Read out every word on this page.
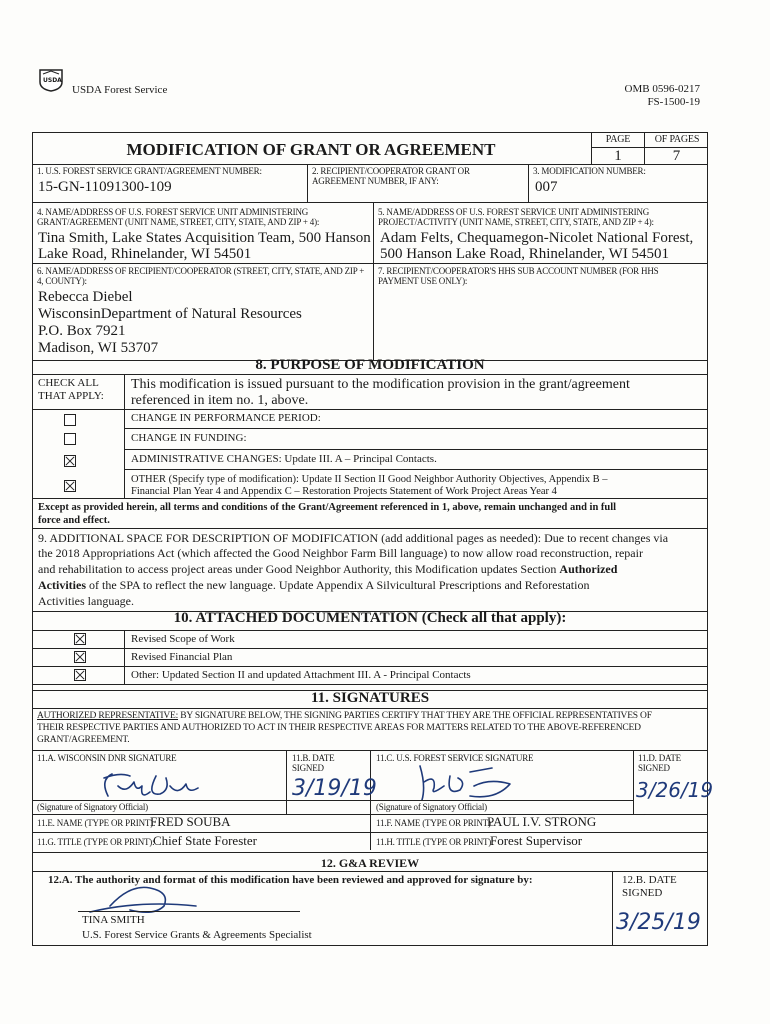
USDA
USDA Forest Service	OMB 0596-0217
FS-1500-19
MODIFICATION OF GRANT OR AGREEMENT
PAGE	OF PAGES
1	7
1. U.S. FOREST SERVICE GRANT/AGREEMENT NUMBER:
15-GN-11091300-109
2. RECIPIENT/COOPERATOR GRANT OR
AGREEMENT NUMBER, IF ANY:
3. MODIFICATION NUMBER:
007
4. NAME/ADDRESS OF U.S. FOREST SERVICE UNIT ADMINISTERING
GRANT/AGREEMENT (UNIT NAME, STREET, CITY, STATE, AND ZIP + 4):
Tina Smith, Lake States Acquisition Team, 500 Hanson
Lake Road, Rhinelander, WI 54501
5. NAME/ADDRESS OF U.S. FOREST SERVICE UNIT ADMINISTERING
PROJECT/ACTIVITY (UNIT NAME, STREET, CITY, STATE, AND ZIP + 4):
Adam Felts, Chequamegon-Nicolet National Forest,
500 Hanson Lake Road, Rhinelander, WI 54501
6. NAME/ADDRESS OF RECIPIENT/COOPERATOR (STREET, CITY, STATE, AND ZIP +
4, COUNTY):
Rebecca Diebel
WisconsinDepartment of Natural Resources
P.O. Box 7921
Madison, WI 53707
7. RECIPIENT/COOPERATOR'S HHS SUB ACCOUNT NUMBER (FOR HHS
PAYMENT USE ONLY):
8. PURPOSE OF MODIFICATION
CHECK ALL
THAT APPLY:
This modification is issued pursuant to the modification provision in the grant/agreement
referenced in item no. 1, above.
CHANGE IN PERFORMANCE PERIOD:
CHANGE IN FUNDING:
ADMINISTRATIVE CHANGES: Update III. A – Principal Contacts.
OTHER (Specify type of modification): Update II Section II Good Neighbor Authority Objectives, Appendix B –
Financial Plan Year 4 and Appendix C – Restoration Projects Statement of Work Project Areas Year 4
Except as provided herein, all terms and conditions of the Grant/Agreement referenced in 1, above, remain unchanged and in full
force and effect.
9. ADDITIONAL SPACE FOR DESCRIPTION OF MODIFICATION (add additional pages as needed): Due to recent changes via
the 2018 Appropriations Act (which affected the Good Neighbor Farm Bill language) to now allow road reconstruction, repair
and rehabilitation to access project areas under Good Neighbor Authority, this Modification updates Section Authorized
Activities of the SPA to reflect the new language. Update Appendix A Silvicultural Prescriptions and Reforestation
Activities language.
10. ATTACHED DOCUMENTATION (Check all that apply):
Revised Scope of Work
Revised Financial Plan
Other: Updated Section II and updated Attachment III. A - Principal Contacts
11. SIGNATURES
AUTHORIZED REPRESENTATIVE: BY SIGNATURE BELOW, THE SIGNING PARTIES CERTIFY THAT THEY ARE THE OFFICIAL REPRESENTATIVES OF
THEIR RESPECTIVE PARTIES AND AUTHORIZED TO ACT IN THEIR RESPECTIVE AREAS FOR MATTERS RELATED TO THE ABOVE-REFERENCED
GRANT/AGREEMENT.
11.A. WISCONSIN DNR SIGNATURE	11.B. DATE
SIGNED
11.C. U.S. FOREST SERVICE SIGNATURE	11.D. DATE
SIGNED
3/19/19	3/26/19
(Signature of Signatory Official)	(Signature of Signatory Official)
11.E. NAME (TYPE OR PRINT):
FRED SOUBA	11.F. NAME (TYPE OR PRINT):
PAUL I.V. STRONG
11.G. TITLE (TYPE OR PRINT):
Chief State Forester	11.H. TITLE (TYPE OR PRINT):
Forest Supervisor
12. G&A REVIEW
12.A. The authority and format of this modification have been reviewed and approved for signature by:	12.B. DATE
SIGNED
3/25/19
TINA SMITH
U.S. Forest Service Grants & Agreements Specialist
